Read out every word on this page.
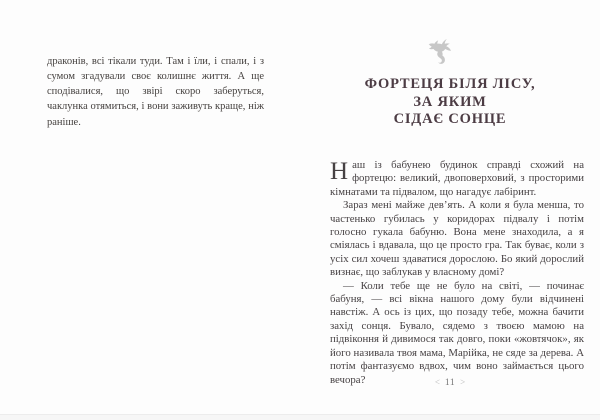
драконів, всі тікали туди. Там і їли, і спали, і з сумом згадували своє колишнє життя. А ще сподівалися, що звірі скоро заберуться, чаклунка отямиться, і вони заживуть краще, ніж раніше.

ФОРТЕЦЯ БІЛЯ ЛІСУ,
ЗА ЯКИМ
СІДАЄ СОНЦЕ

Наш із бабунею будинок справді схожий на фортецю: великий, двоповерховий, з просторими кімнатами та підвалом, що нагадує лабіринт.

Зараз мені майже дев’ять. А коли я була менша, то частенько губилась у коридорах підвалу і потім голосно гукала бабуню. Вона мене знаходила, а я сміялась і вдавала, що це просто гра. Так буває, коли з усіх сил хочеш здаватися дорослою. Бо який дорослий визнає, що заблукав у власному домі?

— Коли тебе ще не було на світі, — починає бабуня, — всі вікна нашого дому були відчинені навстіж. А ось із цих, що позаду тебе, можна бачити захід сонця. Бувало, сядемо з твоєю мамою на підвіконня й дивимося так довго, поки «жовтячок», як його називала твоя мама, Марійка, не сяде за дерева. А потім фантазуємо вдвох, чим воно займається цього вечора?	< 11 >
